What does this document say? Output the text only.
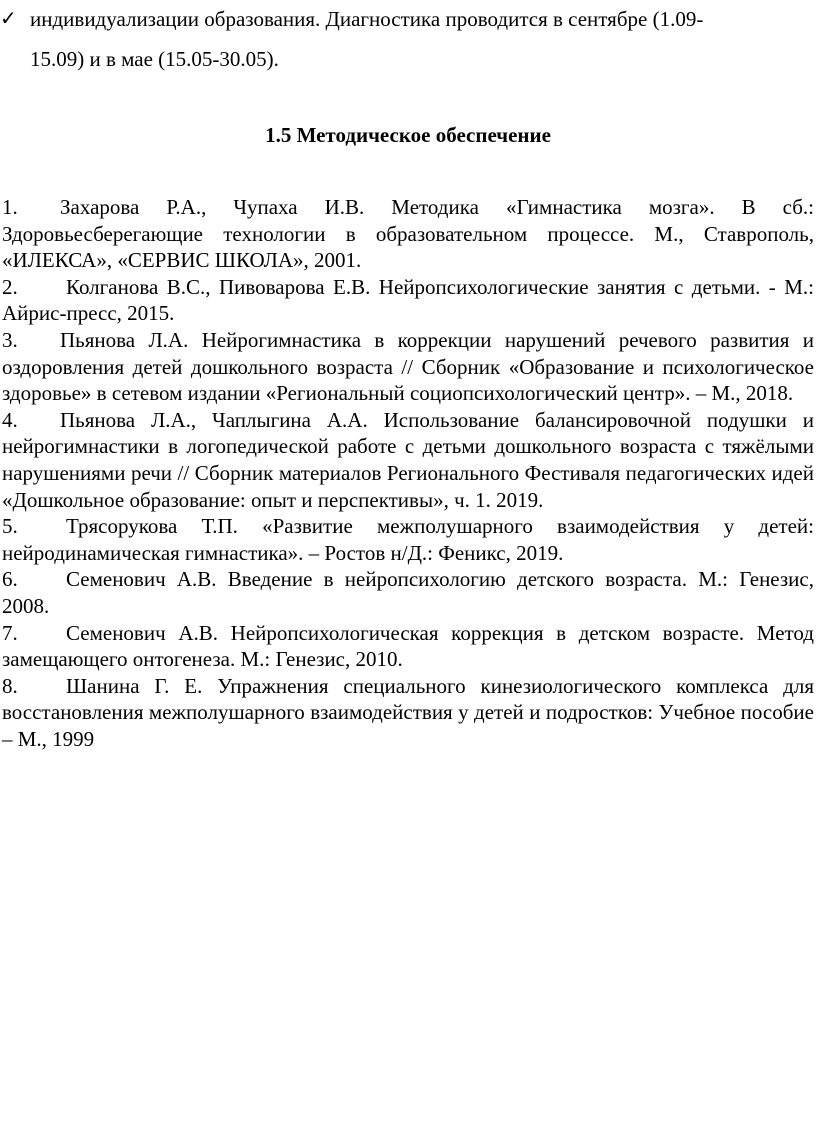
✓ индивидуализации образования. Диагностика проводится в сентябре (1.09-
15.09) и в мае (15.05-30.05).
1.5 Методическое обеспечение
1. Захарова Р.А., Чупаха И.В. Методика «Гимнастика мозга». В сб.: Здоровьесберегающие технологии в образовательном процессе. М., Ставрополь, «ИЛЕКСА», «СЕРВИС ШКОЛА», 2001.
2. Колганова В.С., Пивоварова Е.В. Нейропсихологические занятия с детьми. - М.: Айрис-пресс, 2015.
3. Пьянова Л.А. Нейрогимнастика в коррекции нарушений речевого развития и оздоровления детей дошкольного возраста // Сборник «Образование и психологическое здоровье» в сетевом издании «Региональный социопсихологический центр». – М., 2018.
4. Пьянова Л.А., Чаплыгина А.А. Использование балансировочной подушки и нейрогимнастики в логопедической работе с детьми дошкольного возраста с тяжёлыми нарушениями речи // Сборник материалов Регионального Фестиваля педагогических идей «Дошкольное образование: опыт и перспективы», ч. 1. 2019.
5. Трясорукова Т.П. «Развитие межполушарного взаимодействия у детей: нейродинамическая гимнастика». – Ростов н/Д.: Феникс, 2019.
6. Семенович А.В. Введение в нейропсихологию детского возраста. М.: Генезис, 2008.
7. Семенович А.В. Нейропсихологическая коррекция в детском возрасте. Метод замещающего онтогенеза. М.: Генезис, 2010.
8. Шанина Г. Е. Упражнения специального кинезиологического комплекса для восстановления межполушарного взаимодействия у детей и подростков: Учебное пособие – М., 1999
